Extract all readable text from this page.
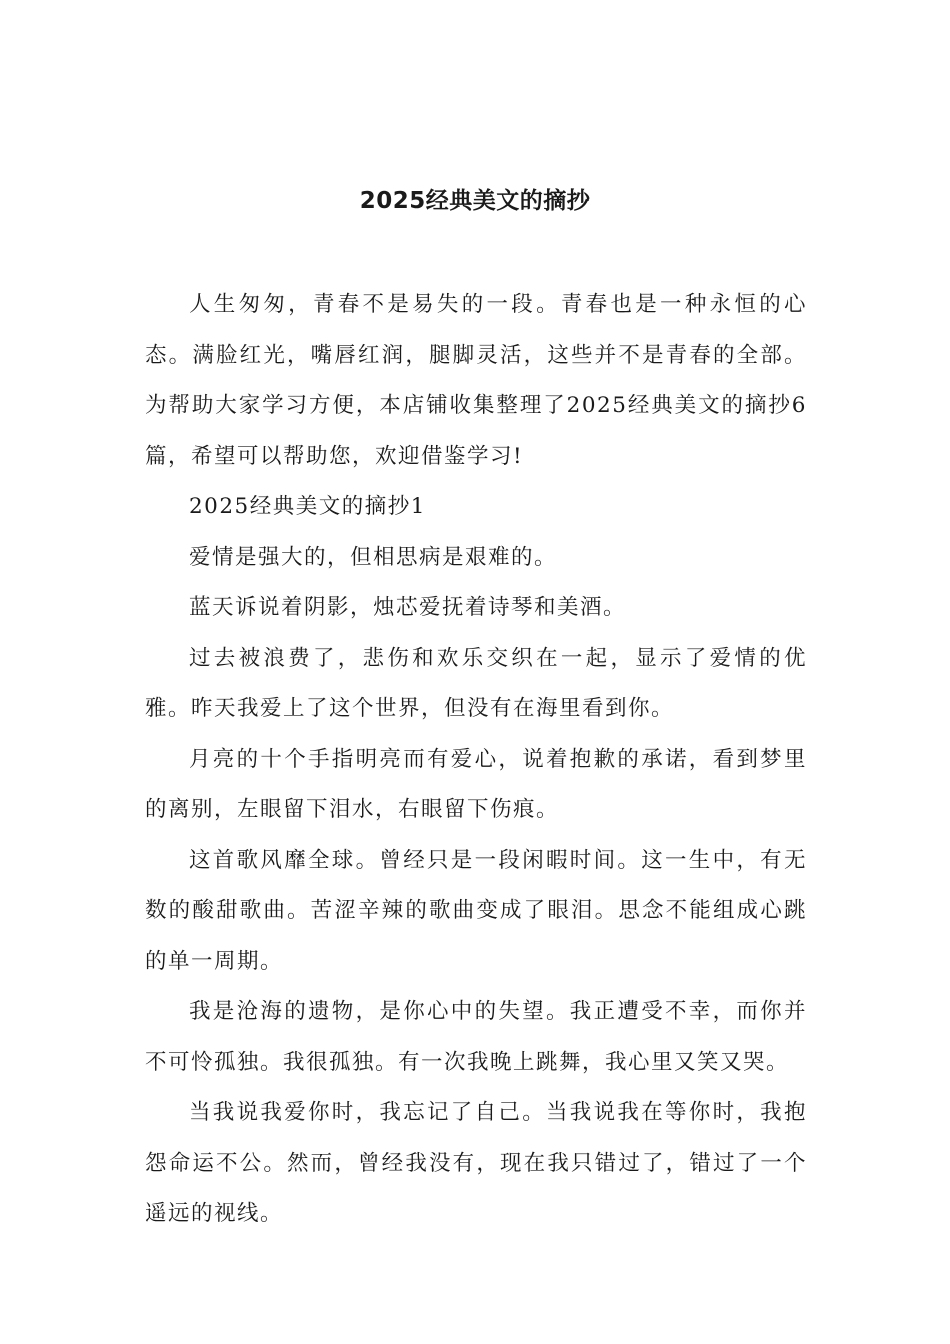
2025经典美文的摘抄

人生匆匆，青春不是易失的一段。青春也是一种永恒的心态。满脸红光，嘴唇红润，腿脚灵活，这些并不是青春的全部。为帮助大家学习方便，本店铺收集整理了2025经典美文的摘抄6篇，希望可以帮助您，欢迎借鉴学习!

2025经典美文的摘抄1

爱情是强大的，但相思病是艰难的。

蓝天诉说着阴影，烛芯爱抚着诗琴和美酒。

过去被浪费了，悲伤和欢乐交织在一起，显示了爱情的优雅。昨天我爱上了这个世界，但没有在海里看到你。

月亮的十个手指明亮而有爱心，说着抱歉的承诺，看到梦里的离别，左眼留下泪水，右眼留下伤痕。

这首歌风靡全球。曾经只是一段闲暇时间。这一生中，有无数的酸甜歌曲。苦涩辛辣的歌曲变成了眼泪。思念不能组成心跳的单一周期。

我是沧海的遗物，是你心中的失望。我正遭受不幸，而你并不可怜孤独。我很孤独。有一次我晚上跳舞，我心里又笑又哭。

当我说我爱你时，我忘记了自己。当我说我在等你时，我抱怨命运不公。然而，曾经我没有，现在我只错过了，错过了一个遥远的视线。
